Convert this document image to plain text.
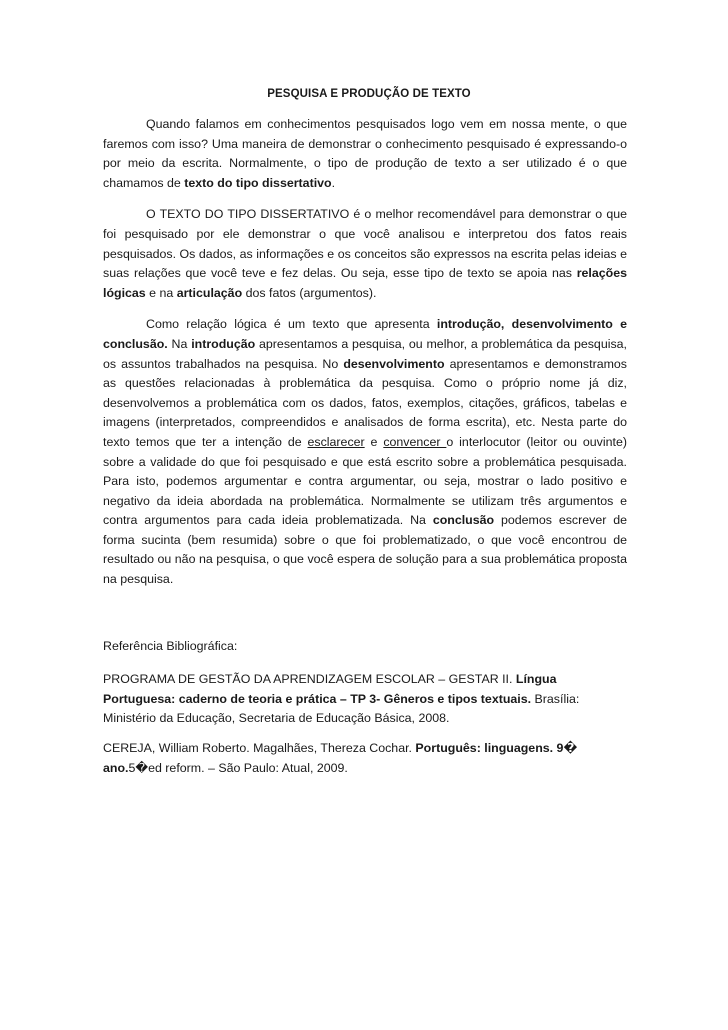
PESQUISA E PRODUÇÃO DE TEXTO

Quando falamos em conhecimentos pesquisados logo vem em nossa mente, o que faremos com isso? Uma maneira de demonstrar o conhecimento pesquisado é expressando-o por meio da escrita. Normalmente, o tipo de produção de texto a ser utilizado é o que chamamos de texto do tipo dissertativo.

O TEXTO DO TIPO DISSERTATIVO é o melhor recomendável para demonstrar o que foi pesquisado por ele demonstrar o que você analisou e interpretou dos fatos reais pesquisados. Os dados, as informações e os conceitos são expressos na escrita pelas ideias e suas relações que você teve e fez delas. Ou seja, esse tipo de texto se apoia nas relações lógicas e na articulação dos fatos (argumentos).

Como relação lógica é um texto que apresenta introdução, desenvolvimento e conclusão. Na introdução apresentamos a pesquisa, ou melhor, a problemática da pesquisa, os assuntos trabalhados na pesquisa. No desenvolvimento apresentamos e demonstramos as questões relacionadas à problemática da pesquisa. Como o próprio nome já diz, desenvolvemos a problemática com os dados, fatos, exemplos, citações, gráficos, tabelas e imagens (interpretados, compreendidos e analisados de forma escrita), etc. Nesta parte do texto temos que ter a intenção de esclarecer e convencer o interlocutor (leitor ou ouvinte) sobre a validade do que foi pesquisado e que está escrito sobre a problemática pesquisada. Para isto, podemos argumentar e contra argumentar, ou seja, mostrar o lado positivo e negativo da ideia abordada na problemática. Normalmente se utilizam três argumentos e contra argumentos para cada ideia problematizada. Na conclusão podemos escrever de forma sucinta (bem resumida) sobre o que foi problematizado, o que você encontrou de resultado ou não na pesquisa, o que você espera de solução para a sua problemática proposta na pesquisa.

Referência Bibliográfica:
PROGRAMA DE GESTÃO DA APRENDIZAGEM ESCOLAR – GESTAR II. Língua Portuguesa: caderno de teoria e prática – TP 3- Gêneros e tipos textuais. Brasília: Ministério da Educação, Secretaria de Educação Básica, 2008.
CEREJA, William Roberto. Magalhães, Thereza Cochar. Português: linguagens. 9� ano.5�ed reform. – São Paulo: Atual, 2009.
